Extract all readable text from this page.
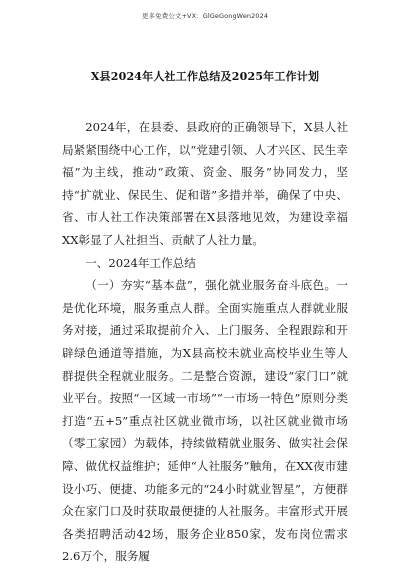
更多免费公文+VX：GlGeGongWen2024
X县2024年人社工作总结及2025年工作计划

2024年，在县委、县政府的正确领导下，X县人社局紧紧围绕中心工作，以“党建引领、人才兴区、民生幸福”为主线，推动“政策、资金、服务”协同发力，坚持“扩就业、保民生、促和谐”多措并举，确保了中央、省、市人社工作决策部署在X县落地见效，为建设幸福XX彰显了人社担当、贡献了人社力量。

一、2024年工作总结

（一）夯实“基本盘”，强化就业服务奋斗底色。一是优化环境，服务重点人群。全面实施重点人群就业服务对接，通过采取提前介入、上门服务、全程跟踪和开辟绿色通道等措施，为X县高校未就业高校毕业生等人群提供全程就业服务。二是整合资源，建设“家门口”就业平台。按照“一区域一市场”“一市场一特色”原则分类打造“五+5”重点社区就业微市场，以社区就业微市场（零工家园）为载体，持续做精就业服务、做实社会保障、做优权益维护；延伸“人社服务”触角，在XX夜市建设小巧、便捷、功能多元的“24小时就业智星”，方便群众在家门口及时获取最便捷的人社服务。丰富形式开展各类招聘活动42场，服务企业850家，发布岗位需求2.6万个，服务履
